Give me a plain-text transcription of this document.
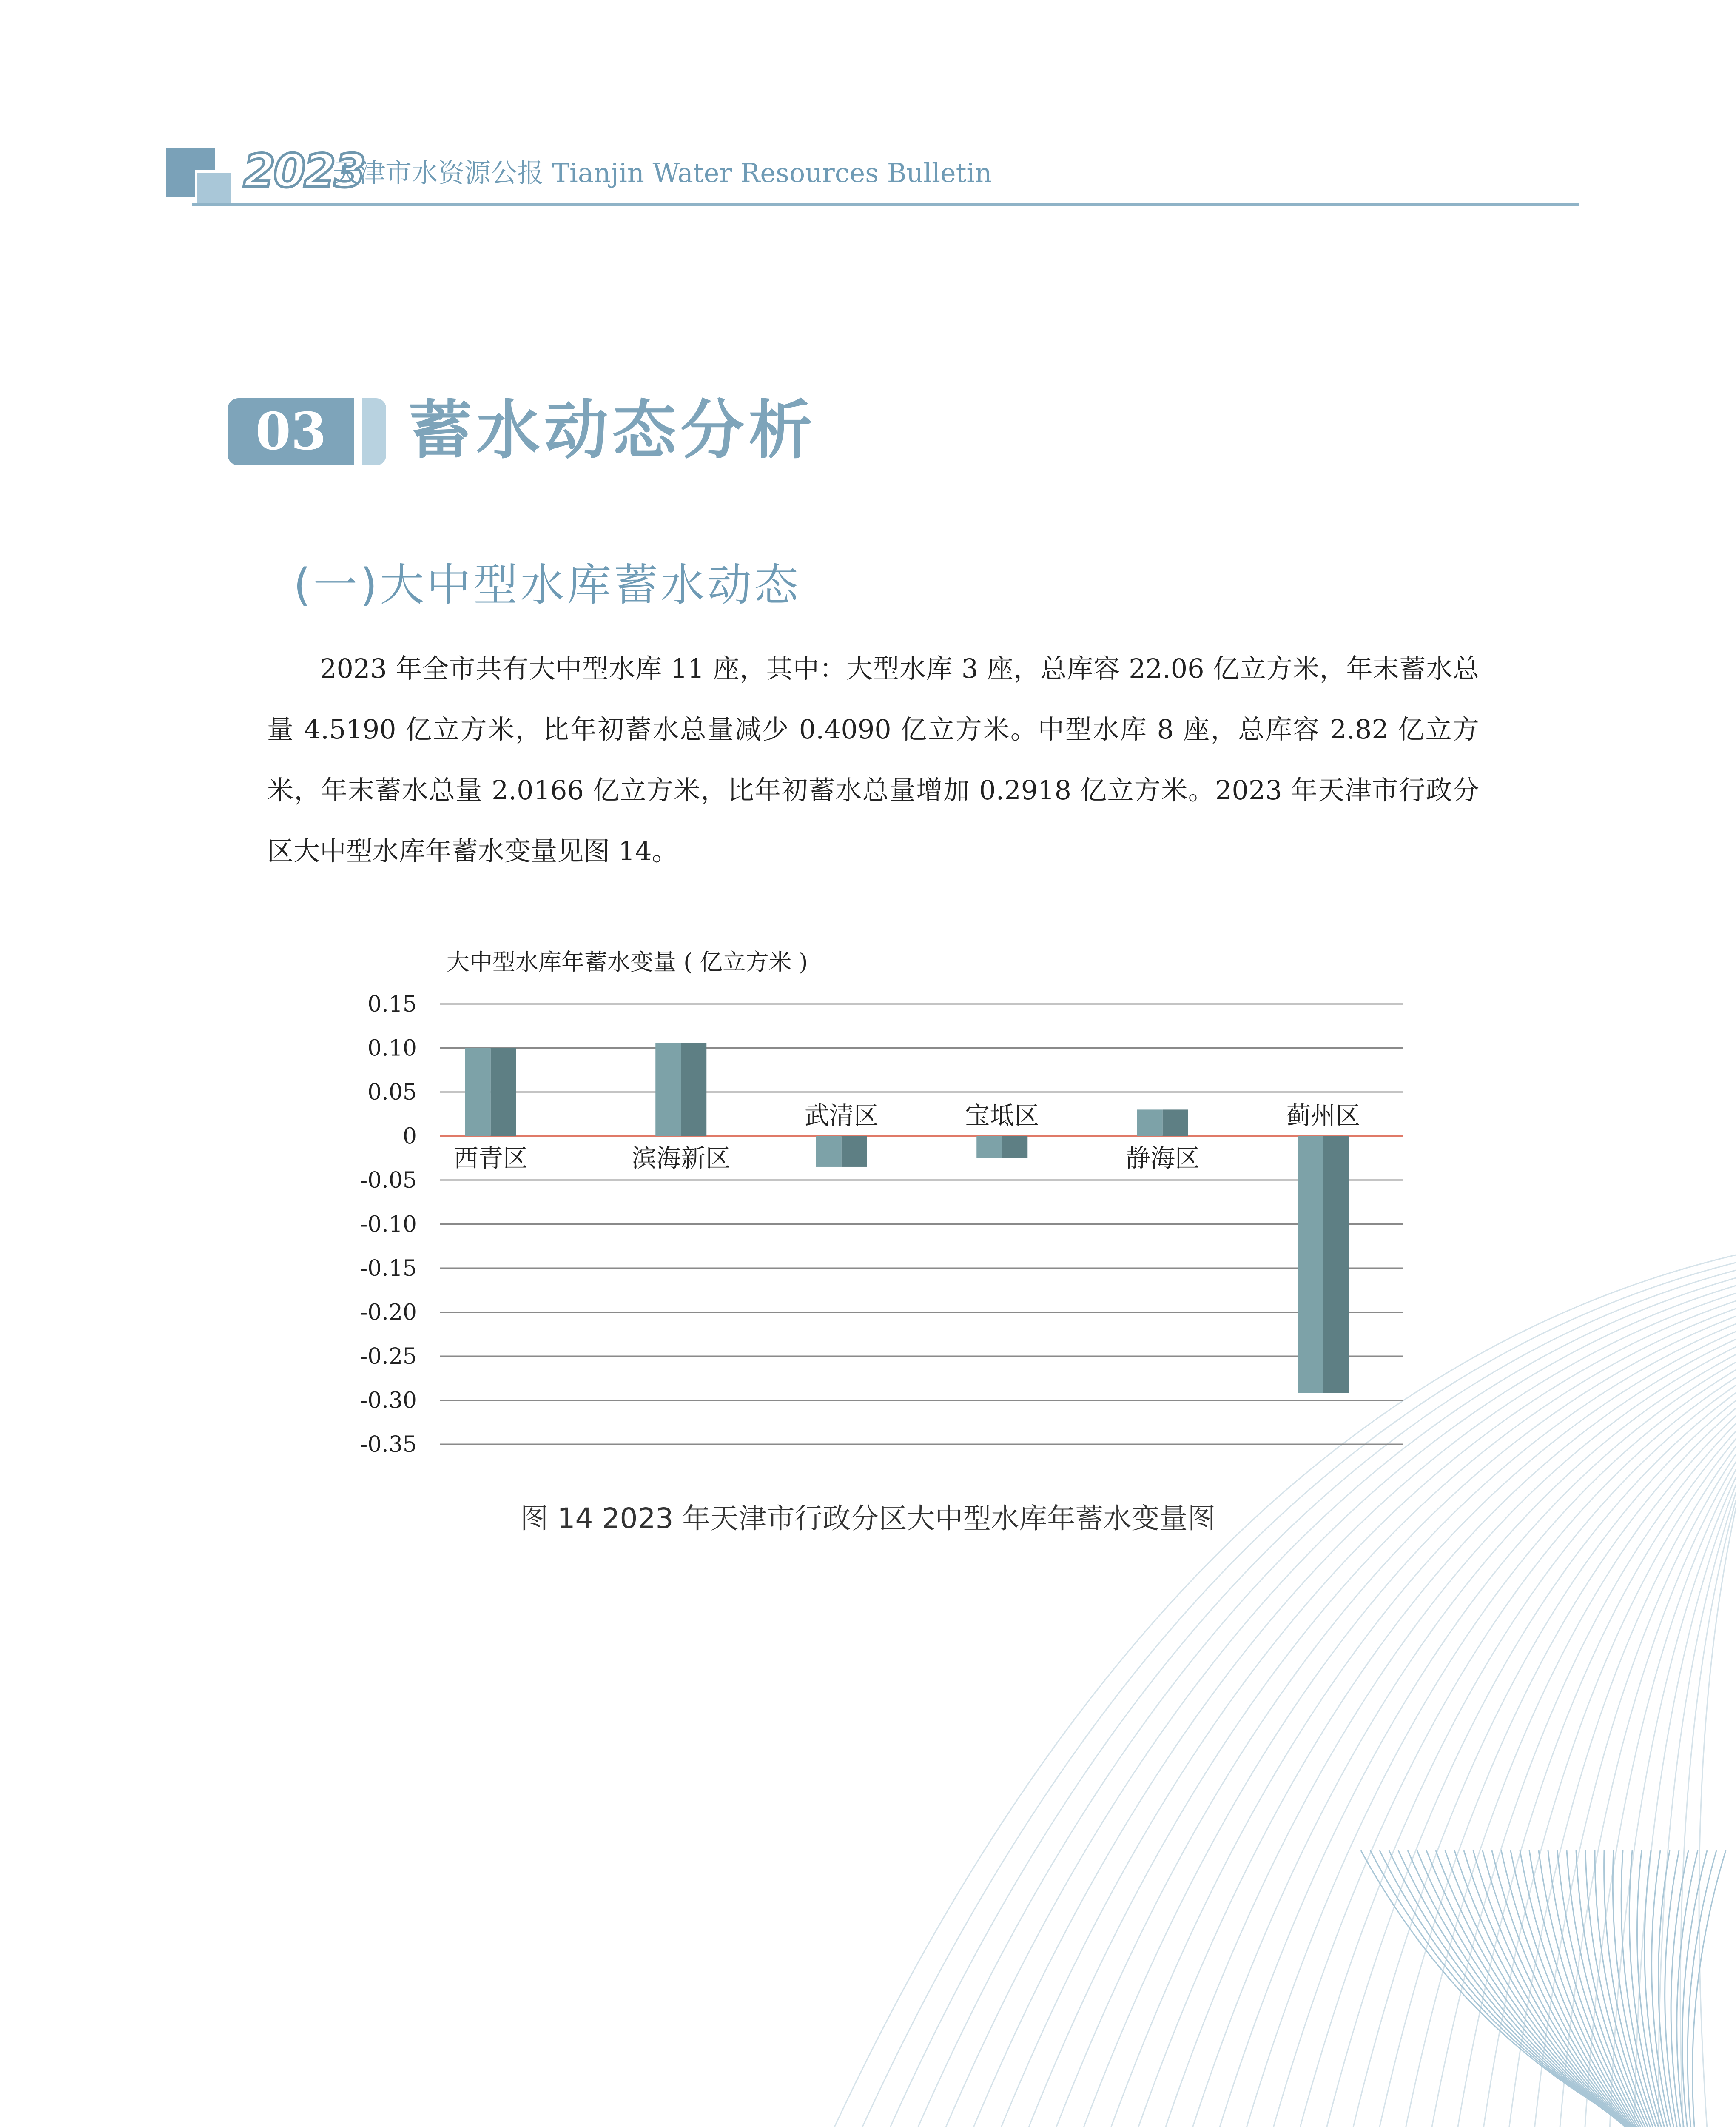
2023
天津市水资源公报 Tianjin Water Resources Bulletin
03	蓄水动态分析
(一)大中型水库蓄水动态

2023 年全市共有大中型水库 11 座，其中：大型水库 3 座，总库容 22.06 亿立方米，年末蓄水总量 4.5190 亿立方米，比年初蓄水总量减少 0.4090 亿立方米。中型水库 8 座，总库容 2.82 亿立方米，年末蓄水总量 2.0166 亿立方米，比年初蓄水总量增加 0.2918 亿立方米。2023 年天津市行政分区大中型水库年蓄水变量见图 14。

0.15
0.10
0.05
0
-0.05
-0.10
-0.15
-0.20
-0.25
-0.30
-0.35
西青区	滨海新区
武清区	宝坻区
静海区
蓟州区
大中型水库年蓄水变量 ( 亿立方米 )
图 14 2023 年天津市行政分区大中型水库年蓄水变量图
